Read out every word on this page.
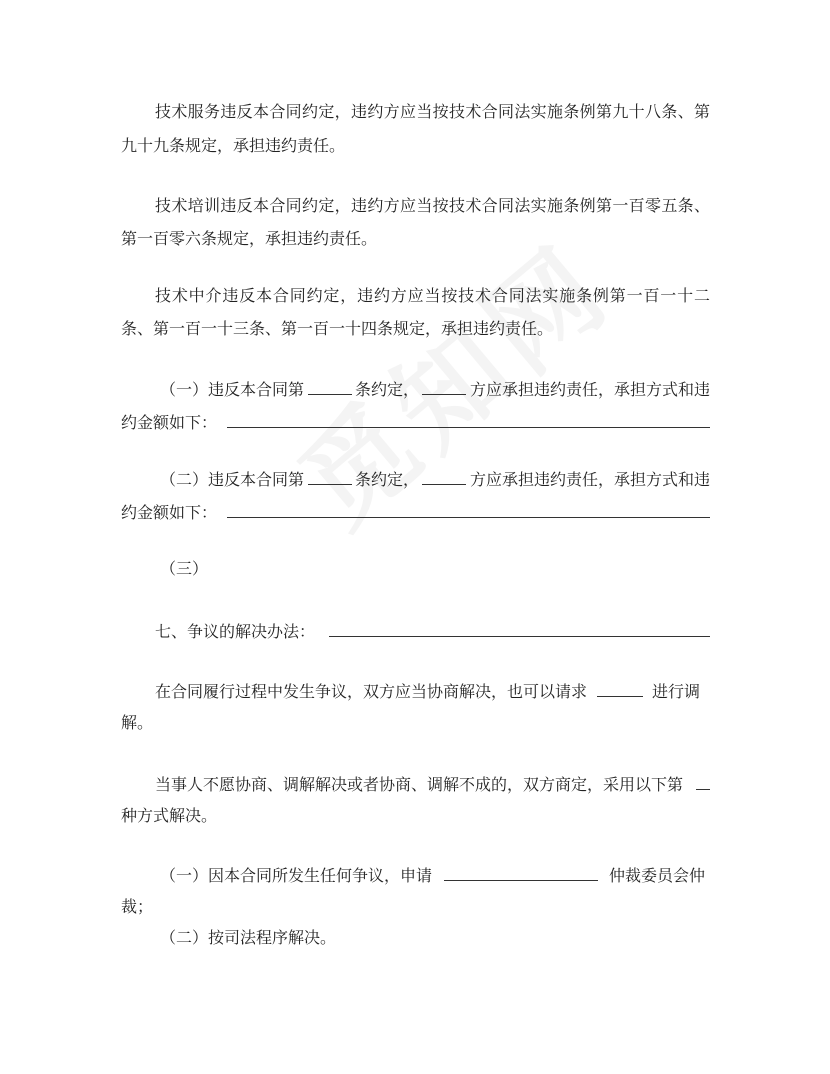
技术服务违反本合同约定，违约方应当按技术合同法实施条例第九十八条、第
九十九条规定，承担违约责任。
技术培训违反本合同约定，违约方应当按技术合同法实施条例第一百零五条、
第一百零六条规定，承担违约责任。
技术中介违反本合同约定，违约方应当按技术合同法实施条例第一百一十二
条、第一百一十三条、第一百一十四条规定，承担违约责任。
（一）违反本合同第	条约定，	方应承担违约责任，承担方式和违
约金额如下：
（二）违反本合同第	条约定，	方应承担违约责任，承担方式和违
约金额如下：
（三）
七、争议的解决办法：
在合同履行过程中发生争议，双方应当协商解决，也可以请求	进行调
解。
当事人不愿协商、调解解决或者协商、调解不成的，双方商定，采用以下第
种方式解决。
（一）因本合同所发生任何争议，申请	仲裁委员会仲
裁；
（二）按司法程序解决。
